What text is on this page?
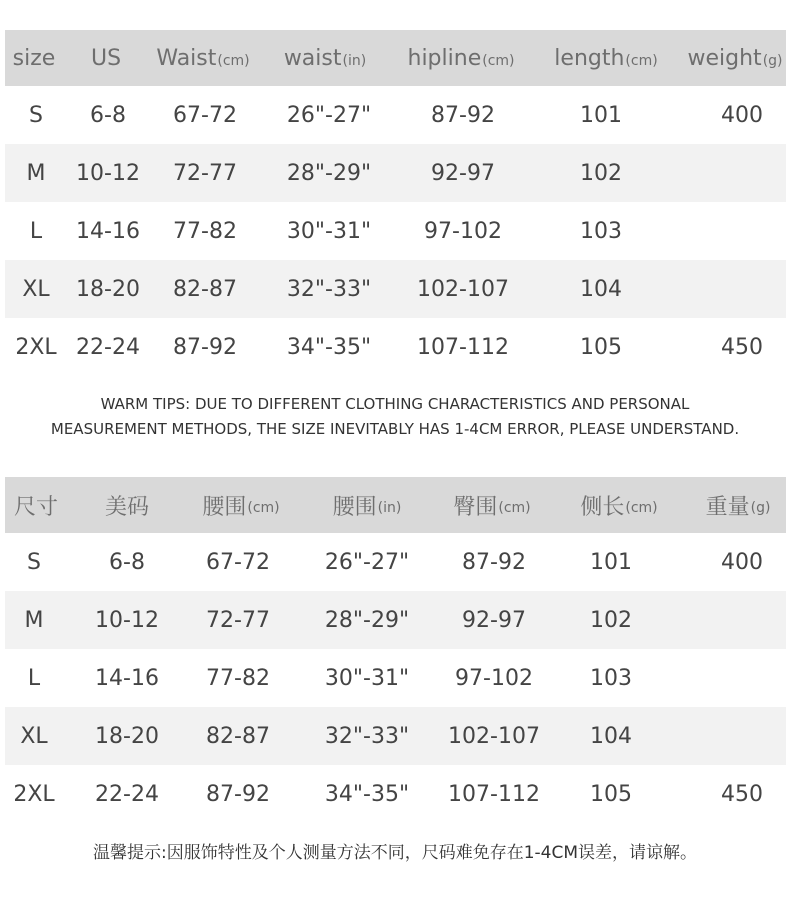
size US Waist (cm) waist (in) hipline (cm) length (cm) weight (g)
S 6-8 67-72 26"-27"	87-92	101	400
M 10-12 72-77 28"-29"	92-97	102
L 14-16 77-82 30"-31" 97-102	103
XL 18-20 82-87 32"-33" 102-107	104
2XL 22-24 87-92 34"-35" 107-112	105	450
WARM TIPS: DUE TO DIFFERENT CLOTHING CHARACTERISTICS AND PERSONAL
MEASUREMENT METHODS, THE SIZE INEVITABLY HAS 1-4CM ERROR, PLEASE UNDERSTAND.
尺寸 美码 腰围 (cm) 腰围 (in) 臀围 (cm) 侧长 (cm) 重量 (g)
S	6-8	67-72 26"-27" 87-92	101	400
M 10-12 72-77 28"-29" 92-97	102
L 14-16 77-82 30"-31" 97-102	103
XL 18-20 82-87 32"-33" 102-107 104
2XL 22-24 87-92 34"-35" 107-112 105	450
温馨提示:因服饰特性及个人测量方法不同，尺码难免存在1-4CM误差，请谅解。
